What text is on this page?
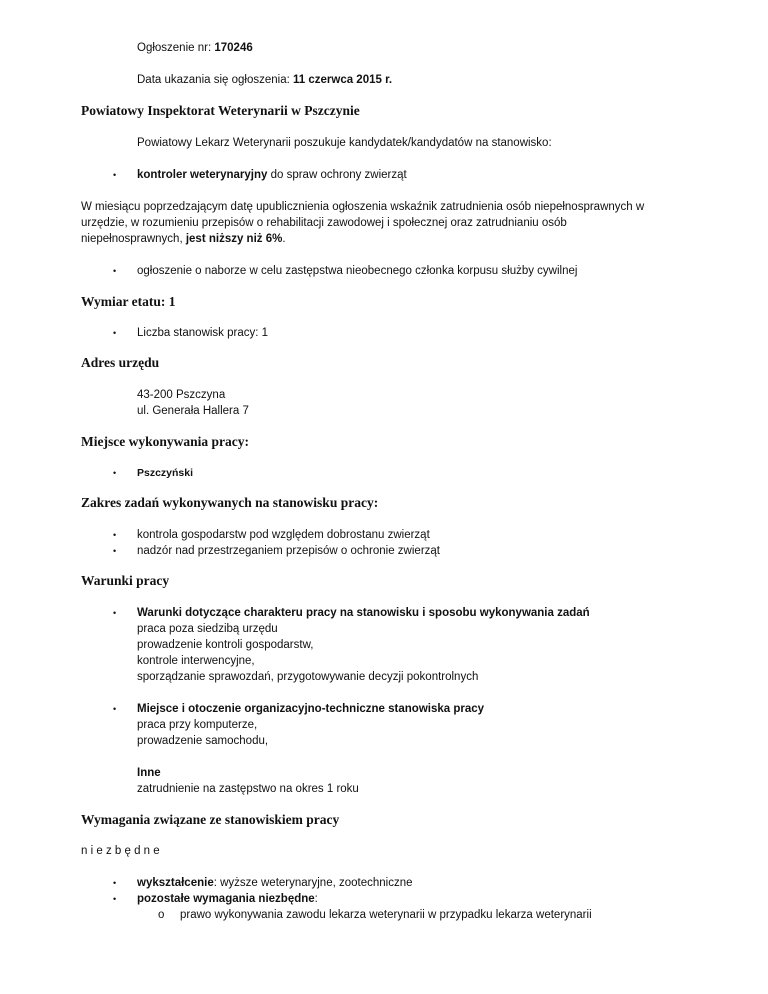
Ogłoszenie nr: 170246
Data ukazania się ogłoszenia: 11 czerwca 2015 r.
Powiatowy Inspektorat Weterynarii w Pszczynie
Powiatowy Lekarz Weterynarii poszukuje kandydatek/kandydatów na stanowisko:
• kontroler weterynaryjny do spraw ochrony zwierząt
W miesiącu poprzedzającym datę upublicznienia ogłoszenia wskaźnik zatrudnienia osób niepełnosprawnych w
urzędzie, w rozumieniu przepisów o rehabilitacji zawodowej i społecznej oraz zatrudnianiu osób
niepełnosprawnych, jest niższy niż 6%.
• ogłoszenie o naborze w celu zastępstwa nieobecnego członka korpusu służby cywilnej
Wymiar etatu: 1
• Liczba stanowisk pracy: 1
Adres urzędu
43-200 Pszczyna
ul. Generała Hallera 7
Miejsce wykonywania pracy:
• Pszczyński
Zakres zadań wykonywanych na stanowisku pracy:
• kontrola gospodarstw pod względem dobrostanu zwierząt
• nadzór nad przestrzeganiem przepisów o ochronie zwierząt
Warunki pracy
• Warunki dotyczące charakteru pracy na stanowisku i sposobu wykonywania zadań
praca poza siedzibą urzędu
prowadzenie kontroli gospodarstw,
kontrole interwencyjne,
sporządzanie sprawozdań, przygotowywanie decyzji pokontrolnych
• Miejsce i otoczenie organizacyjno-techniczne stanowiska pracy
praca przy komputerze,
prowadzenie samochodu,
Inne
zatrudnienie na zastępstwo na okres 1 roku
Wymagania związane ze stanowiskiem pracy
niezbędne
• wykształcenie: wyższe weterynaryjne, zootechniczne
• pozostałe wymagania niezbędne:
o prawo wykonywania zawodu lekarza weterynarii w przypadku lekarza weterynarii
